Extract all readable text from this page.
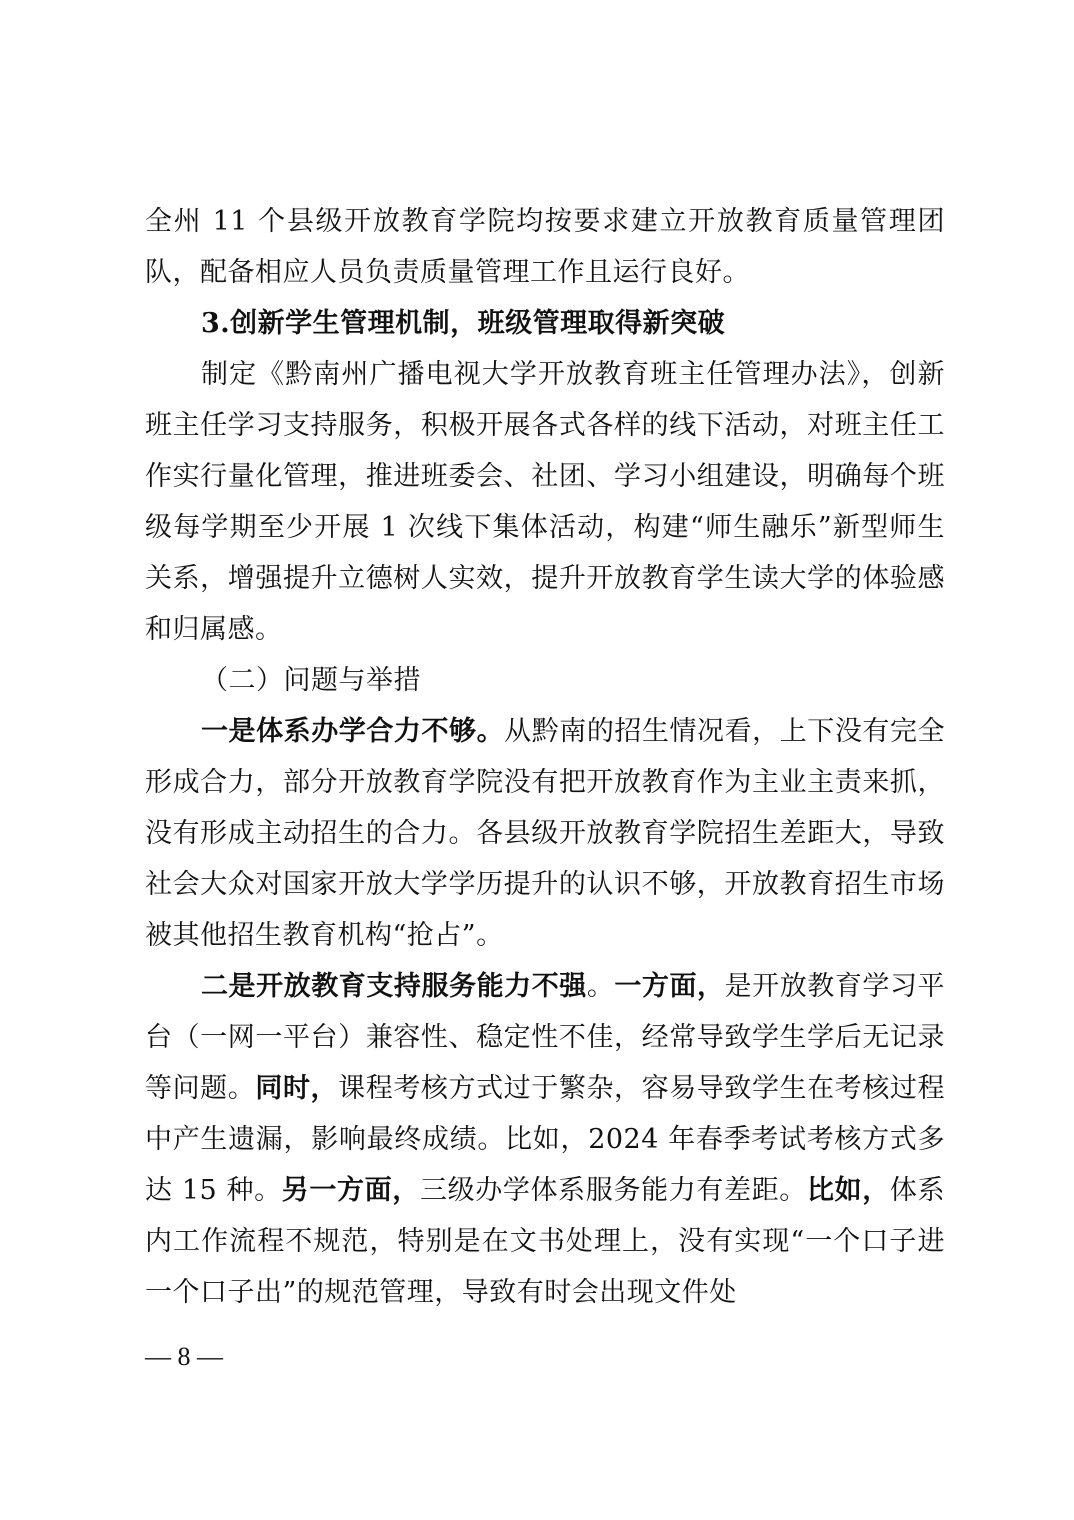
全州 11 个县级开放教育学院均按要求建立开放教育质量管理团队，配备相应人员负责质量管理工作且运行良好。

3.创新学生管理机制，班级管理取得新突破

制定《黔南州广播电视大学开放教育班主任管理办法》，创新班主任学习支持服务，积极开展各式各样的线下活动，对班主任工作实行量化管理，推进班委会、社团、学习小组建设，明确每个班级每学期至少开展 1 次线下集体活动，构建“师生融乐”新型师生关系，增强提升立德树人实效，提升开放教育学生读大学的体验感和归属感。

（二）问题与举措

一是体系办学合力不够。从黔南的招生情况看，上下没有完全形成合力，部分开放教育学院没有把开放教育作为主业主责来抓，没有形成主动招生的合力。各县级开放教育学院招生差距大，导致社会大众对国家开放大学学历提升的认识不够，开放教育招生市场被其他招生教育机构“抢占”。

二是开放教育支持服务能力不强。一方面，是开放教育学习平台（一网一平台）兼容性、稳定性不佳，经常导致学生学后无记录等问题。同时，课程考核方式过于繁杂，容易导致学生在考核过程中产生遗漏，影响最终成绩。比如，2024 年春季考试考核方式多达 15 种。另一方面，三级办学体系服务能力有差距。比如，体系内工作流程不规范，特别是在文书处理上，没有实现“一个口子进一个口子出”的规范管理，导致有时会出现文件处

— 8 —
